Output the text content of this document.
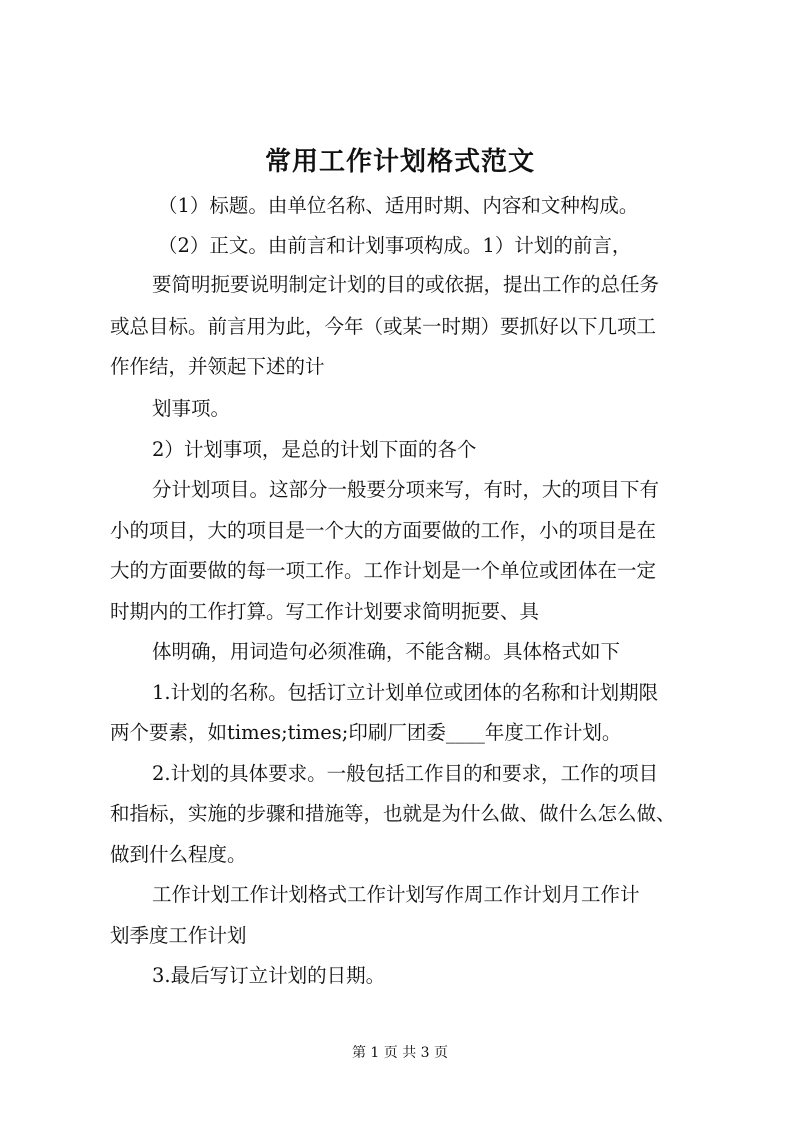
常用工作计划格式范文
（1）标题。由单位名称、适用时期、内容和文种构成。
（2）正文。由前言和计划事项构成。1）计划的前言，
要简明扼要说明制定计划的目的或依据，提出工作的总任务
或总目标。前言用为此，今年（或某一时期）要抓好以下几项工
作作结，并领起下述的计
划事项。
2）计划事项，是总的计划下面的各个
分计划项目。这部分一般要分项来写，有时，大的项目下有
小的项目，大的项目是一个大的方面要做的工作，小的项目是在
大的方面要做的每一项工作。工作计划是一个单位或团体在一定
时期内的工作打算。写工作计划要求简明扼要、具
体明确，用词造句必须准确，不能含糊。具体格式如下
1.计划的名称。包括订立计划单位或团体的名称和计划期限
两个要素，如times;times;印刷厂团委____年度工作计划。
2.计划的具体要求。一般包括工作目的和要求，工作的项目
和指标，实施的步骤和措施等，也就是为什么做、做什么怎么做、
做到什么程度。
工作计划工作计划格式工作计划写作周工作计划月工作计
划季度工作计划
3.最后写订立计划的日期。
第 1 页 共 3 页
